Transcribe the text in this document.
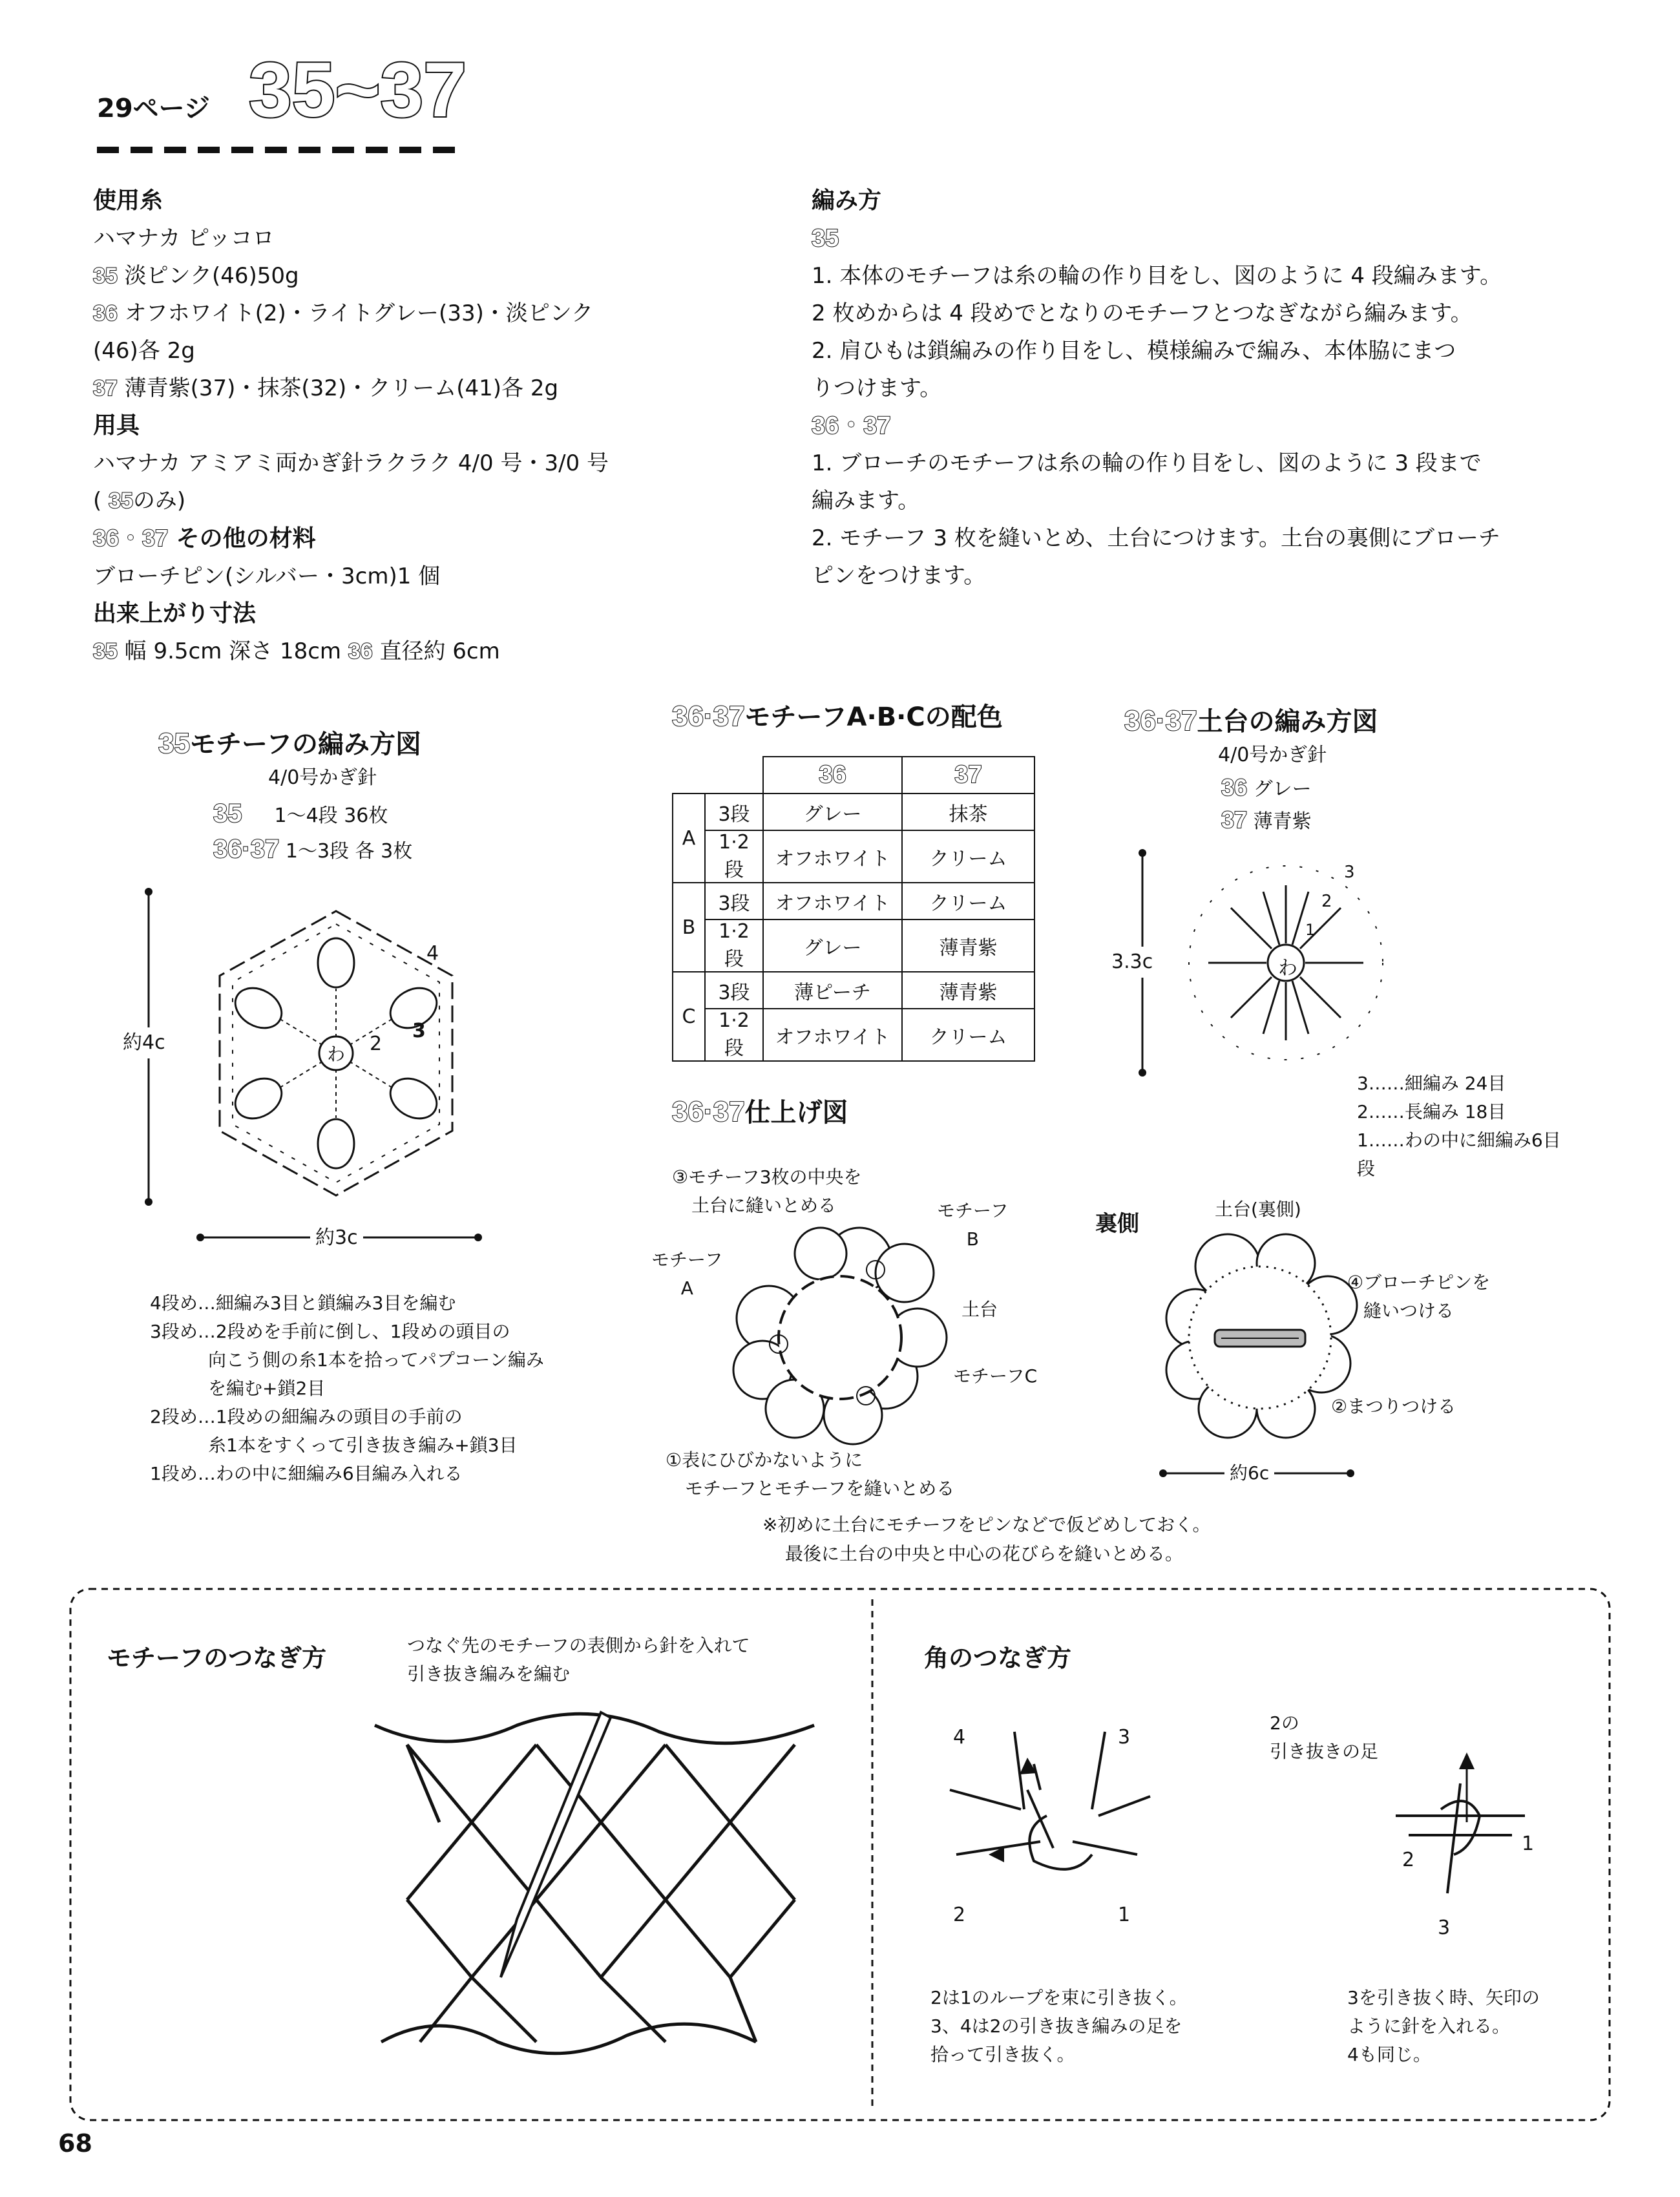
29ページ 35~37
使用糸
ハマナカ ピッコロ
35 淡ピンク(46)50g
36 オフホワイト(2)・ライトグレー(33)・淡ピンク
(46)各 2g
37 薄青紫(37)・抹茶(32)・クリーム(41)各 2g
用具
ハマナカ アミアミ両かぎ針ラクラク 4/0 号・3/0 号
( 35のみ)
36・37 その他の材料
ブローチピン(シルバー・3cm)1 個
出来上がり寸法
35 幅 9.5cm 深さ 18cm 36 直径約 6cm
編み方
35
1. 本体のモチーフは糸の輪の作り目をし、図のように 4 段編みます。
2 枚めからは 4 段めでとなりのモチーフとつなぎながら編みます。
2. 肩ひもは鎖編みの作り目をし、模様編みで編み、本体脇にまつ
りつけます。
36・37
1. ブローチのモチーフは糸の輪の作り目をし、図のように 3 段まで
編みます。
2. モチーフ 3 枚を縫いとめ、土台につけます。土台の裏側にブローチ
ピンをつけます。
35モチーフの編み方図
4/0号かぎ針
35 1～4段 36枚
36·37 1～3段 各 3枚
わ 2
3
4
約4c
約3c
4段め…細編み3目と鎖編み3目を編む
3段め…2段めを手前に倒し、1段めの頭目の
向こう側の糸1本を拾ってパプコーン編み
を編む+鎖2目
2段め…1段めの細編みの頭目の手前の
糸1本をすくって引き抜き編み+鎖3目
1段め…わの中に細編み6目編み入れる
36·37モチーフA·B·Cの配色
		36	37
A	3段	グレー	抹茶
	1·2段	オフホワイト	クリーム
B	3段	オフホワイト	クリーム
	1·2段	グレー	薄青紫
C	3段	薄ピーチ	薄青紫
	1·2段	オフホワイト	クリーム
36·37土台の編み方図
4/0号かぎ針
36 グレー
37 薄青紫
3.3c	わ
1
2
3
3……細編み 24目
2……長編み 18目
1……わの中に細編み6目
段
36·37仕上げ図
③モチーフ3枚の中央を
土台に縫いとめる	モチーフ
B
モチーフ
A
土台
モチーフC
①表にひびかないように
モチーフとモチーフを縫いとめる
裏側
土台(裏側)
④ブローチピンを
縫いつける
②まつりつける
約6c
※初めに土台にモチーフをピンなどで仮どめしておく。
最後に土台の中央と中心の花びらを縫いとめる。
モチーフのつなぎ方	つなぐ先のモチーフの表側から針を入れて
引き抜き編みを編む
角のつなぎ方
4	3
2	1
2の
引き抜きの足
1
2
3
2は1のループを束に引き抜く。
3、4は2の引き抜き編みの足を
拾って引き抜く。
3を引き抜く時、矢印の
ように針を入れる。
4も同じ。
68
